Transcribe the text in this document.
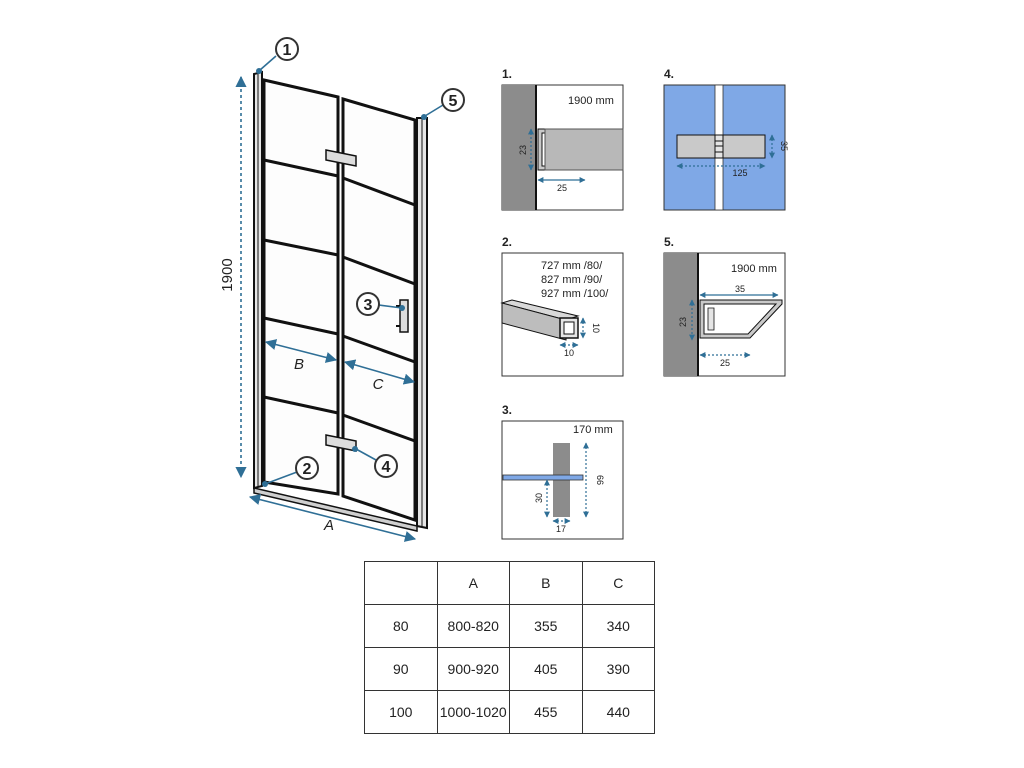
1900
A
B
C
1
2
3
4
5
1.
1900 mm
23
25
2.
727 mm /80/
827 mm /90/
927 mm /100/
10
10
3.
170 mm
66
30
17
4.
125
35
5.
1900 mm
35
23
25
	A	B	C
80	800-820	355	340
90	900-920	405	390
100	1000-1020	455	440
